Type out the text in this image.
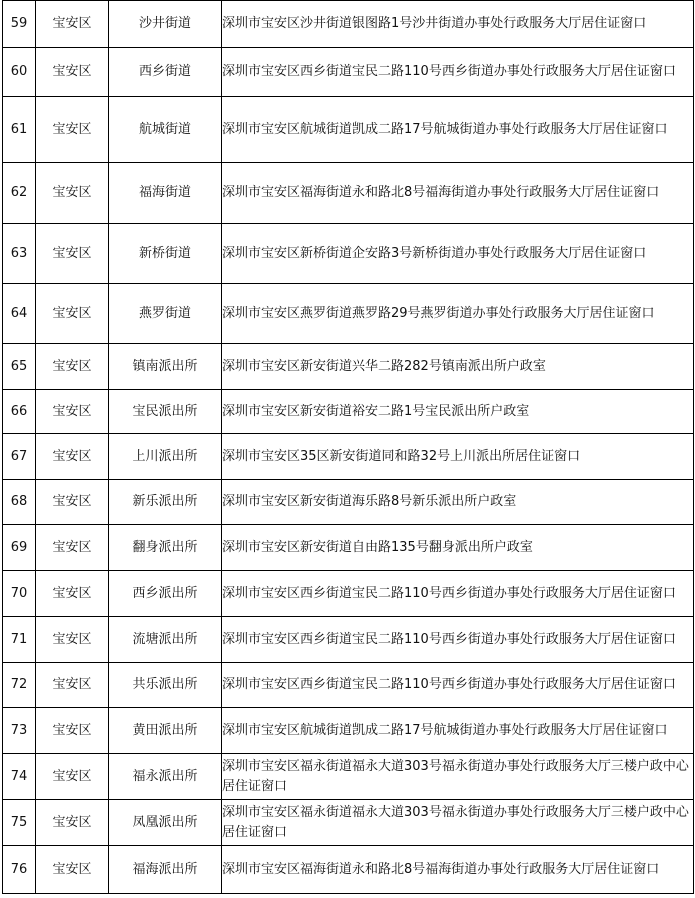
59	宝安区	沙井街道	深圳市宝安区沙井街道银图路1号沙井街道办事处行政服务大厅居住证窗口
60	宝安区	西乡街道	深圳市宝安区西乡街道宝民二路110号西乡街道办事处行政服务大厅居住证窗口
61	宝安区	航城街道	深圳市宝安区航城街道凯成二路17号航城街道办事处行政服务大厅居住证窗口
62	宝安区	福海街道	深圳市宝安区福海街道永和路北8号福海街道办事处行政服务大厅居住证窗口
63	宝安区	新桥街道	深圳市宝安区新桥街道企安路3号新桥街道办事处行政服务大厅居住证窗口
64	宝安区	燕罗街道	深圳市宝安区燕罗街道燕罗路29号燕罗街道办事处行政服务大厅居住证窗口
65	宝安区	镇南派出所	深圳市宝安区新安街道兴华二路282号镇南派出所户政室
66	宝安区	宝民派出所	深圳市宝安区新安街道裕安二路1号宝民派出所户政室
67	宝安区	上川派出所	深圳市宝安区35区新安街道同和路32号上川派出所居住证窗口
68	宝安区	新乐派出所	深圳市宝安区新安街道海乐路8号新乐派出所户政室
69	宝安区	翻身派出所	深圳市宝安区新安街道自由路135号翻身派出所户政室
70	宝安区	西乡派出所	深圳市宝安区西乡街道宝民二路110号西乡街道办事处行政服务大厅居住证窗口
71	宝安区	流塘派出所	深圳市宝安区西乡街道宝民二路110号西乡街道办事处行政服务大厅居住证窗口
72	宝安区	共乐派出所	深圳市宝安区西乡街道宝民二路110号西乡街道办事处行政服务大厅居住证窗口
73	宝安区	黄田派出所	深圳市宝安区航城街道凯成二路17号航城街道办事处行政服务大厅居住证窗口
74	宝安区	福永派出所	深圳市宝安区福永街道福永大道303号福永街道办事处行政服务大厅三楼户政中心居住证窗口
75	宝安区	凤凰派出所	深圳市宝安区福永街道福永大道303号福永街道办事处行政服务大厅三楼户政中心居住证窗口
76	宝安区	福海派出所	深圳市宝安区福海街道永和路北8号福海街道办事处行政服务大厅居住证窗口
